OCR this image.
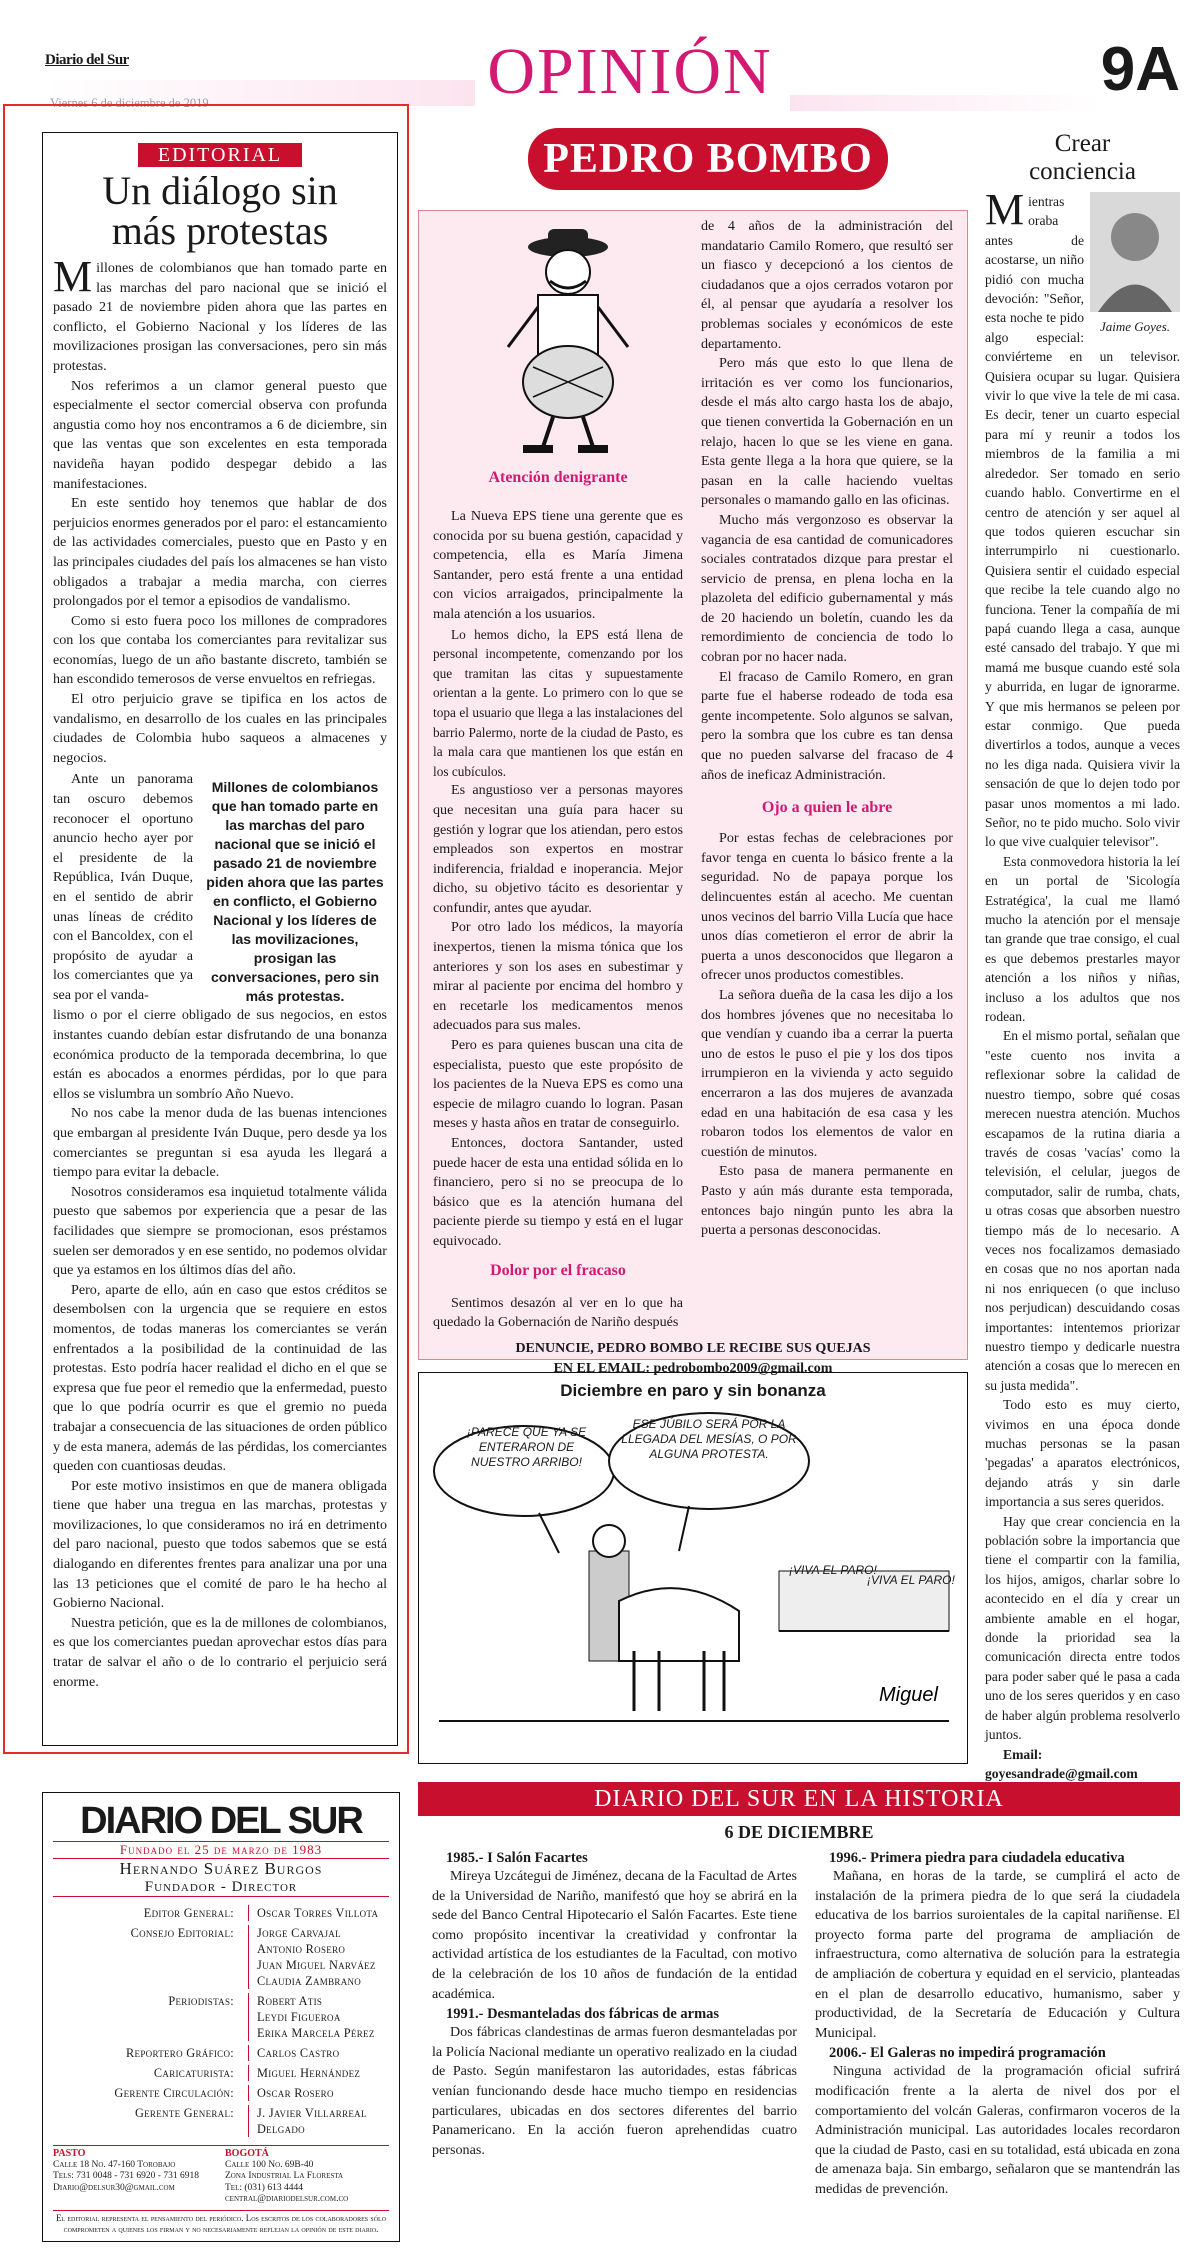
Diario del Sur
Viernes 6 de diciembre de 2019	OPINIÓN	9A
EDITORIAL
Un diálogo sin
más protestas

Millones de colombianos que han tomado parte en las marchas del paro nacional que se inició el pasado 21 de noviembre piden ahora que las partes en conflicto, el Gobierno Nacional y los líderes de las movilizaciones prosigan las conversaciones, pero sin más protestas.

Nos referimos a un clamor general puesto que especialmente el sector comercial observa con profunda angustia como hoy nos encontramos a 6 de diciembre, sin que las ventas que son excelentes en esta temporada navideña hayan podido despegar debido a las manifestaciones.

En este sentido hoy tenemos que hablar de dos perjuicios enormes generados por el paro: el estancamiento de las actividades comerciales, puesto que en Pasto y en las principales ciudades del país los almacenes se han visto obligados a trabajar a media marcha, con cierres prolongados por el temor a episodios de vandalismo.

Como si esto fuera poco los millones de compradores con los que contaba los comerciantes para revitalizar sus economías, luego de un año bastante discreto, también se han escondido temerosos de verse envueltos en refriegas.

El otro perjuicio grave se tipifica en los actos de vandalismo, en desarrollo de los cuales en las principales ciudades de Colombia hubo saqueos a almacenes y negocios.

Ante un panorama tan oscuro debemos reconocer el oportuno anuncio hecho ayer por el presidente de la República, Iván Duque, en el sentido de abrir unas líneas de crédito con el Bancoldex, con el propósito de ayudar a los comerciantes que ya sea por el vanda-

Millones de colombianos que han tomado parte en las marchas del paro nacional que se inició el pasado 21 de noviembre piden ahora que las partes en conflicto, el Gobierno Nacional y los líderes de las movilizaciones, prosigan las conversaciones, pero sin más protestas.

lismo o por el cierre obligado de sus negocios, en estos instantes cuando debían estar disfrutando de una bonanza económica producto de la temporada decembrina, lo que están es abocados a enormes pérdidas, por lo que para ellos se vislumbra un sombrío Año Nuevo.

No nos cabe la menor duda de las buenas intenciones que embargan al presidente Iván Duque, pero desde ya los comerciantes se preguntan si esa ayuda les llegará a tiempo para evitar la debacle.

Nosotros consideramos esa inquietud totalmente válida puesto que sabemos por experiencia que a pesar de las facilidades que siempre se promocionan, esos préstamos suelen ser demorados y en ese sentido, no podemos olvidar que ya estamos en los últimos días del año.

Pero, aparte de ello, aún en caso que estos créditos se desembolsen con la urgencia que se requiere en estos momentos, de todas maneras los comerciantes se verán enfrentados a la posibilidad de la continuidad de las protestas. Esto podría hacer realidad el dicho en el que se expresa que fue peor el remedio que la enfermedad, puesto que lo que podría ocurrir es que el gremio no pueda trabajar a consecuencia de las situaciones de orden público y de esta manera, además de las pérdidas, los comerciantes queden con cuantiosas deudas.

Por este motivo insistimos en que de manera obligada tiene que haber una tregua en las marchas, protestas y movilizaciones, lo que consideramos no irá en detrimento del paro nacional, puesto que todos sabemos que se está dialogando en diferentes frentes para analizar una por una las 13 peticiones que el comité de paro le ha hecho al Gobierno Nacional.

Nuestra petición, que es la de millones de colombianos, es que los comerciantes puedan aprovechar estos días para tratar de salvar el año o de lo contrario el perjuicio será enorme.

PEDRO BOMBO
Atención denigrante

La Nueva EPS tiene una gerente que es conocida por su buena gestión, capacidad y competencia, ella es María Jimena Santander, pero está frente a una entidad con vicios arraigados, principalmente la mala atención a los usuarios.

Lo hemos dicho, la EPS está llena de personal incompetente, comenzando por los que tramitan las citas y supuestamente orientan a la gente. Lo primero con lo que se topa el usuario que llega a las instalaciones del barrio Palermo, norte de la ciudad de Pasto, es la mala cara que mantienen los que están en los cubículos.

Es angustioso ver a personas mayores que necesitan una guía para hacer su gestión y lograr que los atiendan, pero estos empleados son expertos en mostrar indiferencia, frialdad e inoperancia. Mejor dicho, su objetivo tácito es desorientar y confundir, antes que ayudar.

Por otro lado los médicos, la mayoría inexpertos, tienen la misma tónica que los anteriores y son los ases en subestimar y mirar al paciente por encima del hombro y en recetarle los medicamentos menos adecuados para sus males.

Pero es para quienes buscan una cita de especialista, puesto que este propósito de los pacientes de la Nueva EPS es como una especie de milagro cuando lo logran. Pasan meses y hasta años en tratar de conseguirlo.

Entonces, doctora Santander, usted puede hacer de esta una entidad sólida en lo financiero, pero si no se preocupa de lo básico que es la atención humana del paciente pierde su tiempo y está en el lugar equivocado.

Dolor por el fracaso

Sentimos desazón al ver en lo que ha quedado la Gobernación de Nariño después

de 4 años de la administración del mandatario Camilo Romero, que resultó ser un fiasco y decepcionó a los cientos de ciudadanos que a ojos cerrados votaron por él, al pensar que ayudaría a resolver los problemas sociales y económicos de este departamento.

Pero más que esto lo que llena de irritación es ver como los funcionarios, desde el más alto cargo hasta los de abajo, que tienen convertida la Gobernación en un relajo, hacen lo que se les viene en gana. Esta gente llega a la hora que quiere, se la pasan en la calle haciendo vueltas personales o mamando gallo en las oficinas.

Mucho más vergonzoso es observar la vagancia de esa cantidad de comunicadores sociales contratados dizque para prestar el servicio de prensa, en plena locha en la plazoleta del edificio gubernamental y más de 20 haciendo un boletín, cuando les da remordimiento de conciencia de todo lo cobran por no hacer nada.

El fracaso de Camilo Romero, en gran parte fue el haberse rodeado de toda esa gente incompetente. Solo algunos se salvan, pero la sombra que los cubre es tan densa que no pueden salvarse del fracaso de 4 años de ineficaz Administración.

Ojo a quien le abre

Por estas fechas de celebraciones por favor tenga en cuenta lo básico frente a la seguridad. No de papaya porque los delincuentes están al acecho. Me cuentan unos vecinos del barrio Villa Lucía que hace unos días cometieron el error de abrir la puerta a unos desconocidos que llegaron a ofrecer unos productos comestibles.

La señora dueña de la casa les dijo a los dos hombres jóvenes que no necesitaba lo que vendían y cuando iba a cerrar la puerta uno de estos le puso el pie y los dos tipos irrumpieron en la vivienda y acto seguido encerraron a las dos mujeres de avanzada edad en una habitación de esa casa y les robaron todos los elementos de valor en cuestión de minutos.

Esto pasa de manera permanente en Pasto y aún más durante esta temporada, entonces bajo ningún punto les abra la puerta a personas desconocidas.

DENUNCIE, PEDRO BOMBO LE RECIBE SUS QUEJAS
EN EL EMAIL: pedrobombo2009@gmail.com
Diciembre en paro y sin bonanza
Miguel
¡PARECE QUE YA SE ENTERARON DE NUESTRO ARRIBO!
ESE JÚBILO SERÁ POR LA LLEGADA DEL MESÍAS, O POR ALGUNA PROTESTA.
¡VIVA EL PARO!
¡VIVA EL PARO!
Crear
conciencia
Jaime Goyes.

Mientras oraba antes de acostarse, un niño pidió con mucha devoción: "Señor, esta noche te pido algo especial: conviérteme en un televisor. Quisiera ocupar su lugar. Quisiera vivir lo que vive la tele de mi casa. Es decir, tener un cuarto especial para mí y reunir a todos los miembros de la familia a mi alrededor. Ser tomado en serio cuando hablo. Convertirme en el centro de atención y ser aquel al que todos quieren escuchar sin interrumpirlo ni cuestionarlo. Quisiera sentir el cuidado especial que recibe la tele cuando algo no funciona. Tener la compañía de mi papá cuando llega a casa, aunque esté cansado del trabajo. Y que mi mamá me busque cuando esté sola y aburrida, en lugar de ignorarme. Y que mis hermanos se peleen por estar conmigo. Que pueda divertirlos a todos, aunque a veces no les diga nada. Quisiera vivir la sensación de que lo dejen todo por pasar unos momentos a mi lado. Señor, no te pido mucho. Solo vivir lo que vive cualquier televisor".

Esta conmovedora historia la leí en un portal de 'Sicología Estratégica', la cual me llamó mucho la atención por el mensaje tan grande que trae consigo, el cual es que debemos prestarles mayor atención a los niños y niñas, incluso a los adultos que nos rodean.

En el mismo portal, señalan que "este cuento nos invita a reflexionar sobre la calidad de nuestro tiempo, sobre qué cosas merecen nuestra atención. Muchos escapamos de la rutina diaria a través de cosas 'vacías' como la televisión, el celular, juegos de computador, salir de rumba, chats, u otras cosas que absorben nuestro tiempo más de lo necesario. A veces nos focalizamos demasiado en cosas que no nos aportan nada ni nos enriquecen (o que incluso nos perjudican) descuidando cosas importantes: intentemos priorizar nuestro tiempo y dedicarle nuestra atención a cosas que lo merecen en su justa medida".

Todo esto es muy cierto, vivimos en una época donde muchas personas se la pasan 'pegadas' a aparatos electrónicos, dejando atrás y sin darle importancia a sus seres queridos.

Hay que crear conciencia en la población sobre la importancia que tiene el compartir con la familia, los hijos, amigos, charlar sobre lo acontecido en el día y crear un ambiente amable en el hogar, donde la prioridad sea la comunicación directa entre todos para poder saber qué le pasa a cada uno de los seres queridos y en caso de haber algún problema resolverlo juntos.

Email: goyesandrade@gmail.com

DIARIO DEL SUR
Fundado el 25 de marzo de 1983
Hernando Suárez Burgos
Fundador - Director
Editor General:	Oscar Torres Villota
Consejo Editorial:	Jorge Carvajal
Antonio Rosero
Juan Miguel Narváez
Claudia Zambrano
Periodistas:	Robert Atis
Leydi Figueroa
Erika Marcela Pérez
Reportero Gráfico:	Carlos Castro
Caricaturista:	Miguel Hernández
Gerente Circulación:	Oscar Rosero
Gerente General:	J. Javier Villarreal Delgado
PASTO
Calle 18 No. 47-160 Torobajo
Tels: 731 0048 - 731 6920 - 731 6918
Diario@delsur30@gmail.com
BOGOTÁ
Calle 100 No. 69B-40
Zona Industrial La Floresta
Tel: (031) 613 4444
central@diariodelsur.com.co
El editorial representa el pensamiento del periódico. Los escritos de los colaboradores sólo comprometen a quienes los firman y no necesariamente reflejan la opinión de este diario.
DIARIO DEL SUR EN LA HISTORIA
6 DE DICIEMBRE
1985.- I Salón Facartes

Mireya Uzcátegui de Jiménez, decana de la Facultad de Artes de la Universidad de Nariño, manifestó que hoy se abrirá en la sede del Banco Central Hipotecario el Salón Facartes. Este tiene como propósito incentivar la creatividad y confrontar la actividad artística de los estudiantes de la Facultad, con motivo de la celebración de los 10 años de fundación de la entidad académica.

1991.- Desmanteladas dos fábricas de armas

Dos fábricas clandestinas de armas fueron desmanteladas por la Policía Nacional mediante un operativo realizado en la ciudad de Pasto. Según manifestaron las autoridades, estas fábricas venían funcionando desde hace mucho tiempo en residencias particulares, ubicadas en dos sectores diferentes del barrio Panamericano. En la acción fueron aprehendidas cuatro personas.

1996.- Primera piedra para ciudadela educativa

Mañana, en horas de la tarde, se cumplirá el acto de instalación de la primera piedra de lo que será la ciudadela educativa de los barrios suroientales de la capital nariñense. El proyecto forma parte del programa de ampliación de infraestructura, como alternativa de solución para la estrategia de ampliación de cobertura y equidad en el servicio, planteadas en el plan de desarrollo educativo, humanismo, saber y productividad, de la Secretaría de Educación y Cultura Municipal.

2006.- El Galeras no impedirá programación

Ninguna actividad de la programación oficial sufrirá modificación frente a la alerta de nivel dos por el comportamiento del volcán Galeras, confirmaron voceros de la Administración municipal. Las autoridades locales recordaron que la ciudad de Pasto, casi en su totalidad, está ubicada en zona de amenaza baja. Sin embargo, señalaron que se mantendrán las medidas de prevención.
